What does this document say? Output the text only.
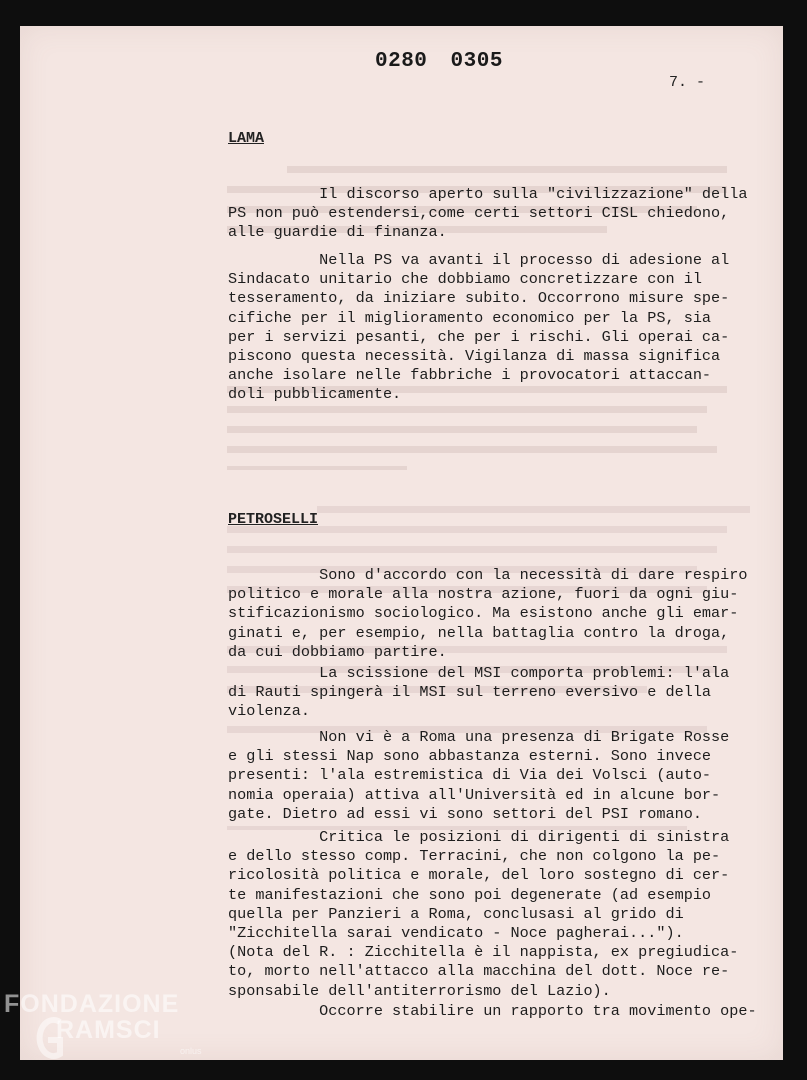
0280 0305
7. -
LAMA

Il discorso aperto sulla "civilizzazione" della
PS non può estendersi,come certi settori CISL chiedono,
alle guardie di finanza.

Nella PS va avanti il processo di adesione al
Sindacato unitario che dobbiamo concretizzare con il
tesseramento, da iniziare subito. Occorrono misure spe-
cifiche per il miglioramento economico per la PS, sia
per i servizi pesanti, che per i rischi. Gli operai ca-
piscono questa necessità. Vigilanza di massa significa
anche isolare nelle fabbriche i provocatori attaccan-
doli pubblicamente.

PETROSELLI

Sono d'accordo con la necessità di dare respiro
politico e morale alla nostra azione, fuori da ogni giu-
stificazionismo sociologico. Ma esistono anche gli emar-
ginati e, per esempio, nella battaglia contro la droga,
da cui dobbiamo partire.

La scissione del MSI comporta problemi: l'ala
di Rauti spingerà il MSI sul terreno eversivo e della
violenza.

Non vi è a Roma una presenza di Brigate Rosse
e gli stessi Nap sono abbastanza esterni. Sono invece
presenti: l'ala estremistica di Via dei Volsci (auto-
nomia operaia) attiva all'Università ed in alcune bor-
gate. Dietro ad essi vi sono settori del PSI romano.

Critica le posizioni di dirigenti di sinistra
e dello stesso comp. Terracini, che non colgono la pe-
ricolosità politica e morale, del loro sostegno di cer-
te manifestazioni che sono poi degenerate (ad esempio
quella per Panzieri a Roma, conclusasi al grido di
"Zicchitella sarai vendicato - Noce pagherai...").
(Nota del R. : Zicchitella è il nappista, ex pregiudica-
to, morto nell'attacco alla macchina del dott. Noce re-
sponsabile dell'antiterrorismo del Lazio).

Occorre stabilire un rapporto tra movimento ope-

FONDAZIONE
RAMSCI
onlus
